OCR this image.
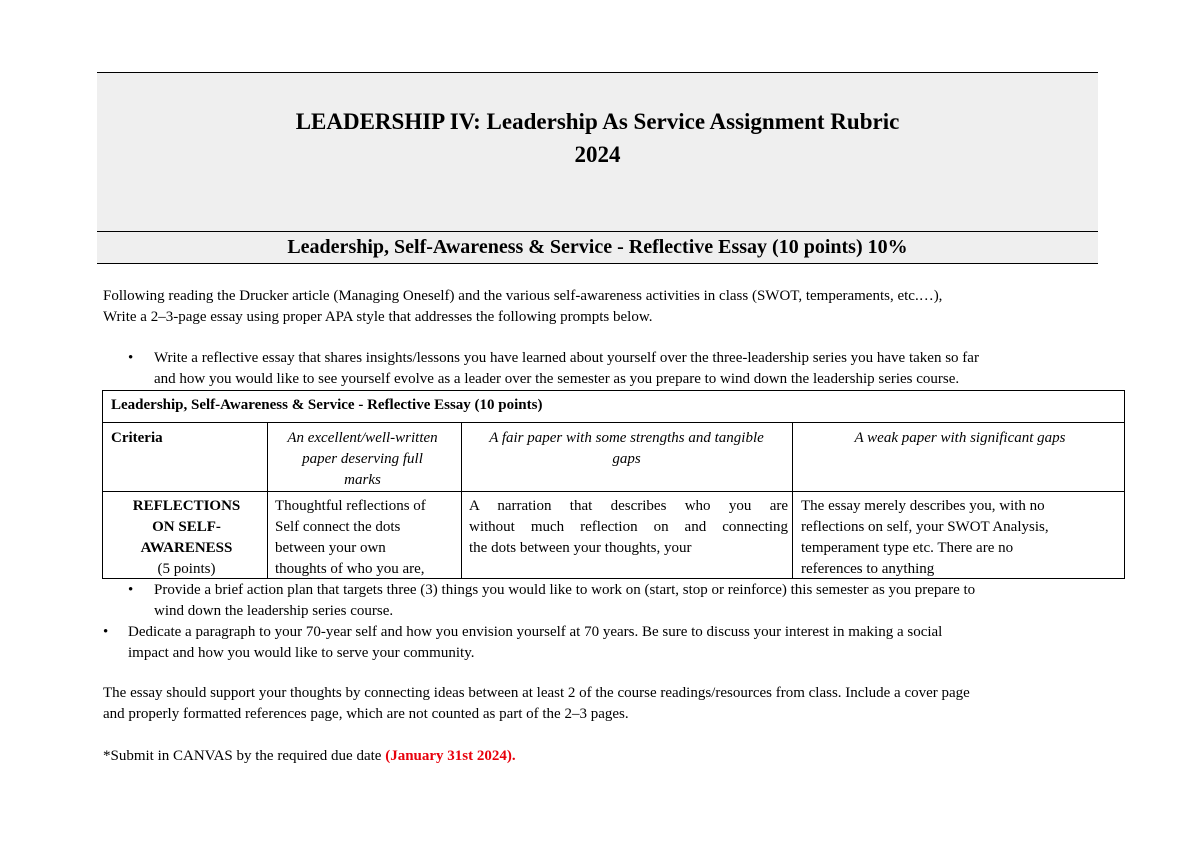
LEADERSHIP IV: Leadership As Service Assignment Rubric
2024
Leadership, Self-Awareness & Service - Reflective Essay (10 points) 10%
Following reading the Drucker article (Managing Oneself) and the various self-awareness activities in class (SWOT, temperaments, etc.…),
Write a 2–3-page essay using proper APA style that addresses the following prompts below.
• Write a reflective essay that shares insights/lessons you have learned about yourself over the three-leadership series you have taken so far
and how you would like to see yourself evolve as a leader over the semester as you prepare to wind down the leadership series course.
Leadership, Self-Awareness & Service - Reflective Essay (10 points)
Criteria	An excellent/well-written
paper deserving full
marks
A fair paper with some strengths and tangible
gaps
A weak paper with significant gaps
REFLECTIONS
ON SELF-
AWARENESS
(5 points)
Thoughtful reflections of
Self connect the dots
between your own
thoughts of who you are,
A narration that describes who you are
without much reflection on and connecting
the dots between your thoughts, your
The essay merely describes you, with no
reflections on self, your SWOT Analysis,
temperament type etc. There are no
references to anything
• Provide a brief action plan that targets three (3) things you would like to work on (start, stop or reinforce) this semester as you prepare to
wind down the leadership series course.
• Dedicate a paragraph to your 70-year self and how you envision yourself at 70 years. Be sure to discuss your interest in making a social
impact and how you would like to serve your community.
The essay should support your thoughts by connecting ideas between at least 2 of the course readings/resources from class. Include a cover page
and properly formatted references page, which are not counted as part of the 2–3 pages.
*Submit in CANVAS by the required due date (January 31st 2024).
